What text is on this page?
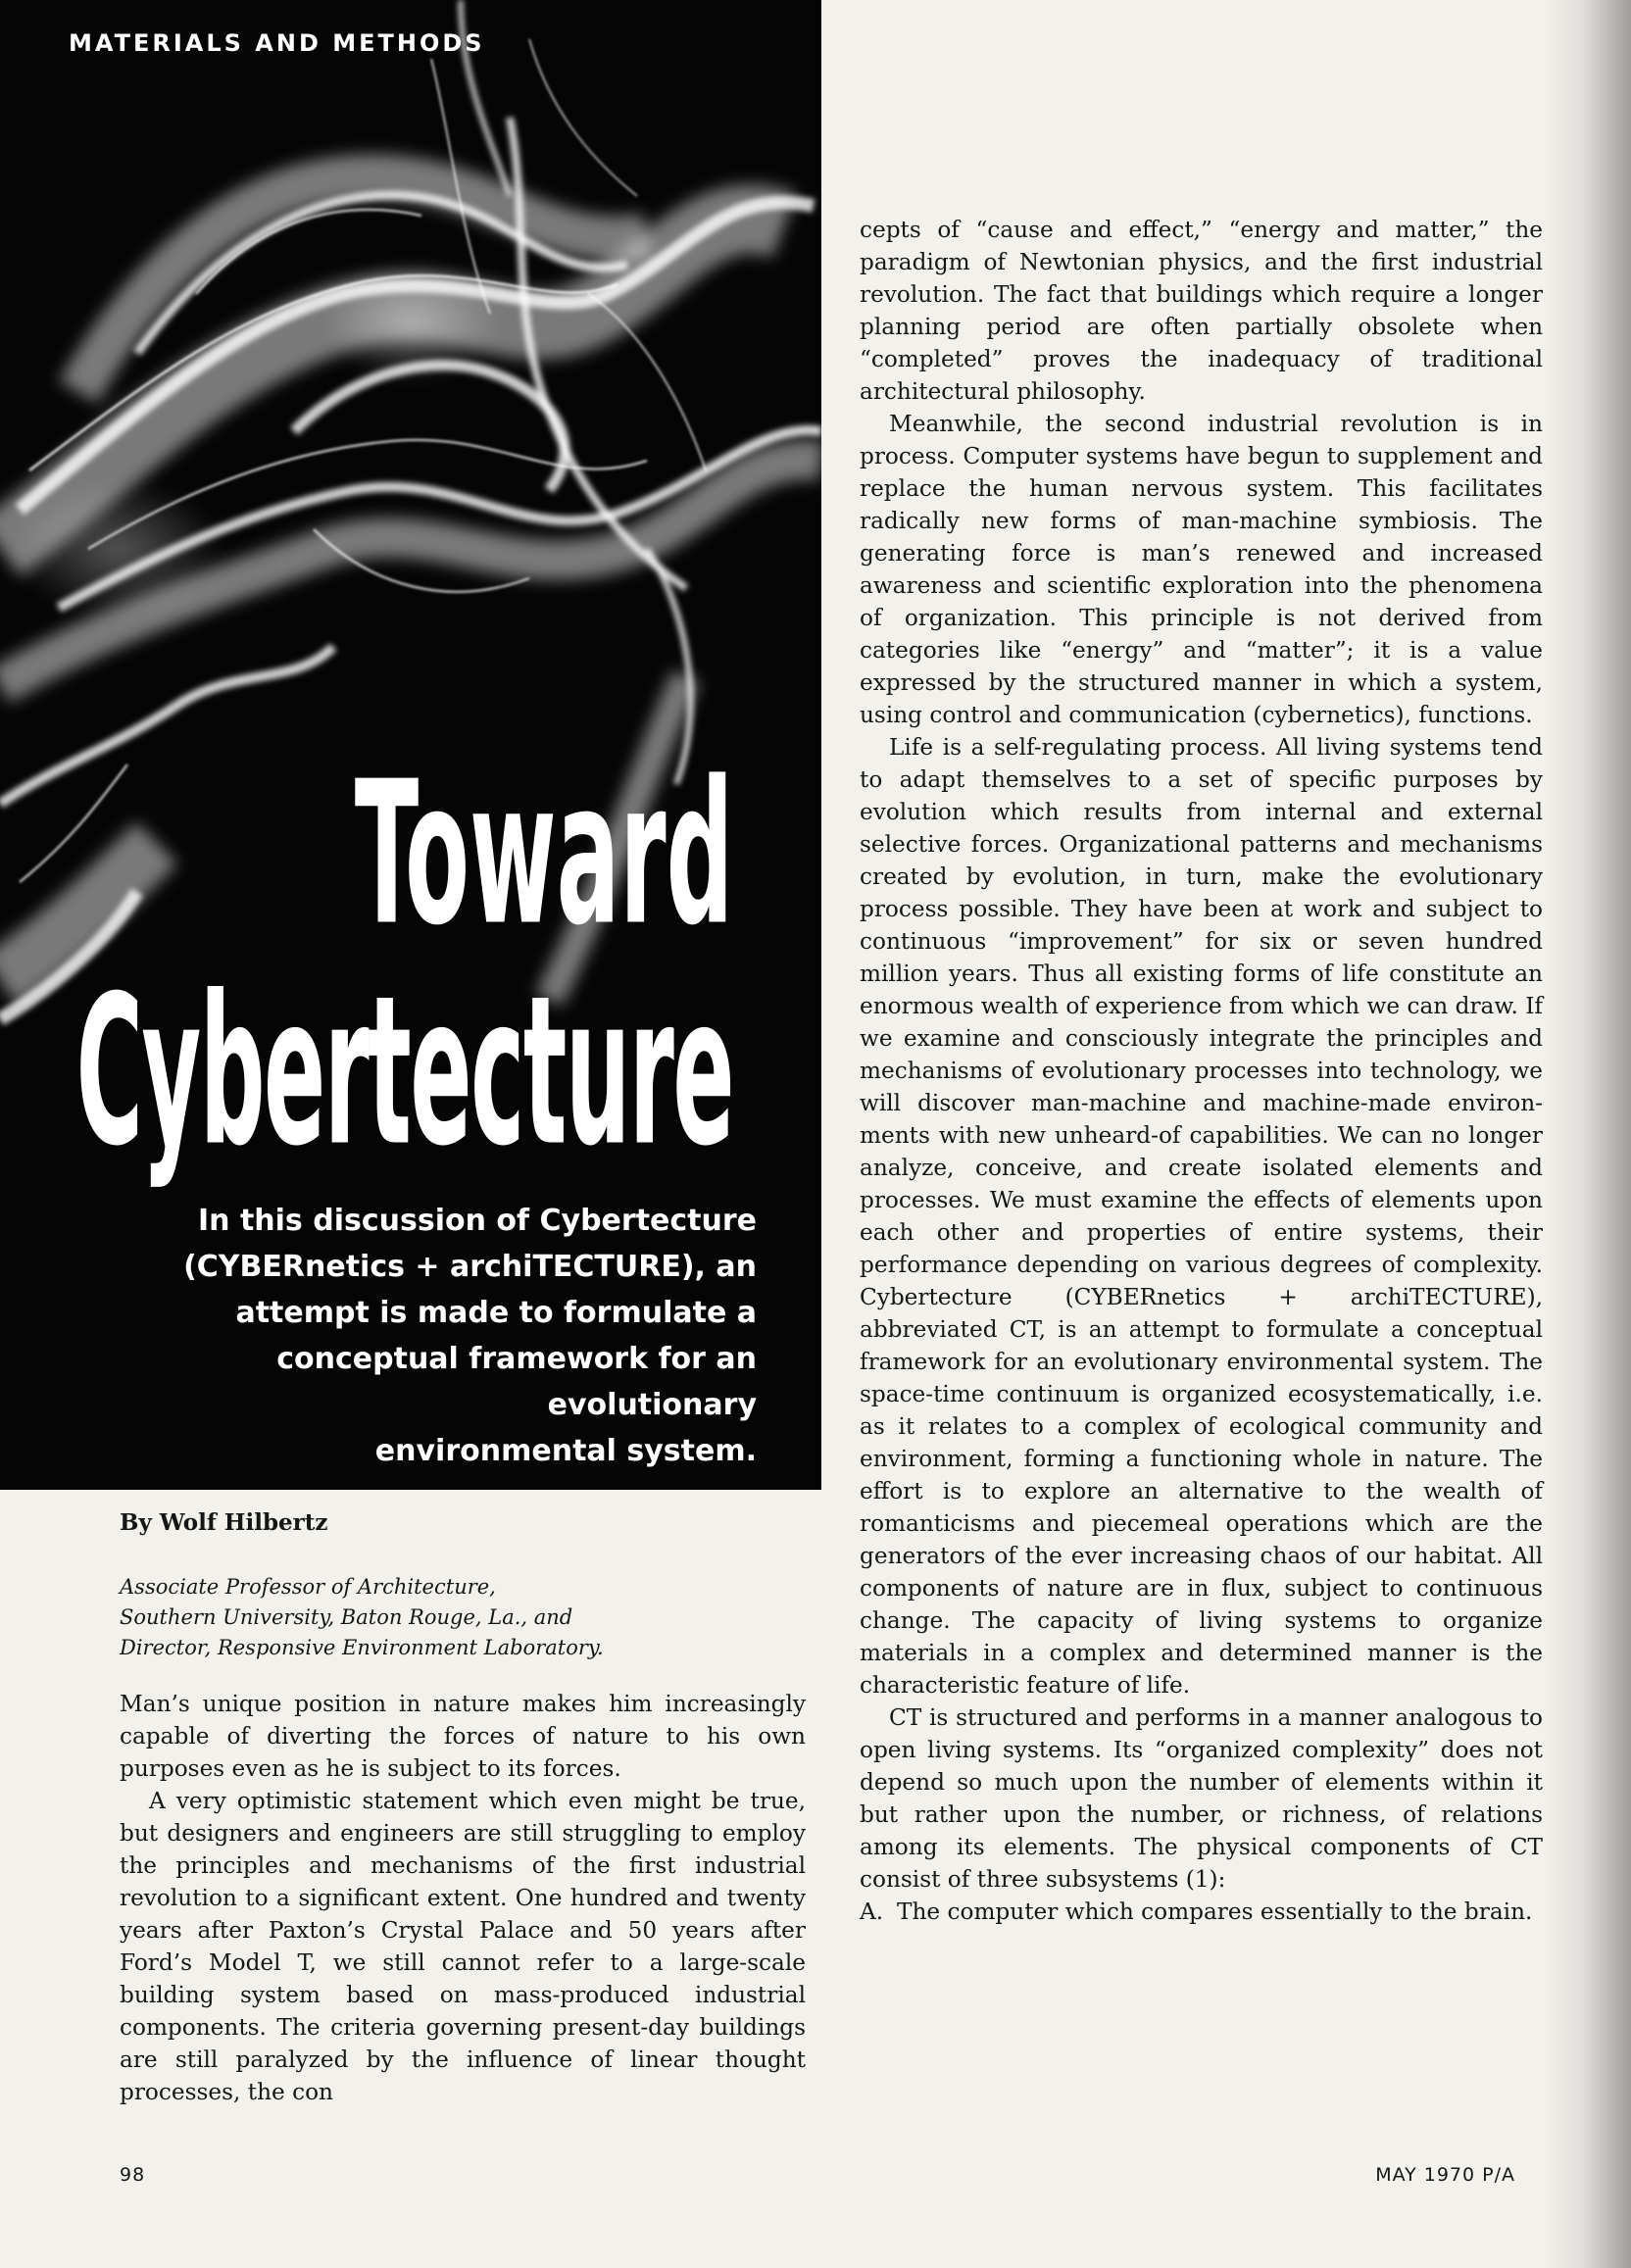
MATERIALS AND METHODS
Toward
Cybertecture

In this discussion of Cybertecture

(CYBERnetics + archiTECTURE), an

attempt is made to formulate a

conceptual framework for an evolutionary

environmental system.

By Wolf Hilbertz

Associate Professor of Architecture,

Southern University, Baton Rouge, La., and

Director, Responsive Environment Laboratory.

Man’s unique position in nature makes him increasingly capable of diverting the forces of nature to his own purposes even as he is subject to its forces.

A very optimistic statement which even might be true, but designers and engineers are still struggling to employ the principles and mechanisms of the first industrial revolution to a significant extent. One hundred and twenty years after Paxton’s Crystal Palace and 50 years after Ford’s Model T, we still cannot refer to a large-scale building system based on mass-produced industrial components. The criteria governing present-day buildings are still paralyzed by the influence of linear thought processes, the con

cepts of “cause and effect,” “energy and matter,” the paradigm of Newtonian physics, and the first industrial revolution. The fact that buildings which require a longer planning period are often partially obsolete when “completed” proves the inadequacy of traditional architectural philosophy.

Meanwhile, the second industrial revolution is in process. Computer systems have begun to supplement and replace the human nervous system. This facilitates radically new forms of man-machine symbiosis. The generating force is man’s renewed and increased awareness and scientific exploration into the phenomena of organization. This principle is not derived from categories like “energy” and “matter”; it is a value expressed by the structured manner in which a system, using control and communication (cybernetics), functions.

Life is a self-regulating process. All living systems tend to adapt themselves to a set of specific purposes by evolution which results from internal and external selective forces. Organizational patterns and mechanisms created by evolution, in turn, make the evolutionary process possible. They have been at work and subject to continuous “improvement” for six or seven hundred million years. Thus all existing forms of life constitute an enormous wealth of experience from which we can draw. If we examine and consciously integrate the principles and mechanisms of evolutionary processes into technology, we will discover man-machine and machine-made environments with new unheard-of capabilities. We can no longer analyze, conceive, and create isolated elements and processes. We must examine the effects of elements upon each other and properties of entire systems, their performance depending on various degrees of complexity. Cybertecture (CYBERnetics + archiTECTURE), abbreviated CT, is an attempt to formulate a conceptual framework for an evolutionary environmental system. The space-time continuum is organized ecosystematically, i.e. as it relates to a complex of ecological community and environment, forming a functioning whole in nature. The effort is to explore an alternative to the wealth of romanticisms and piecemeal operations which are the generators of the ever increasing chaos of our habitat. All components of nature are in flux, subject to continuous change. The capacity of living systems to organize materials in a complex and determined manner is the characteristic feature of life.

CT is structured and performs in a manner analogous to open living systems. Its “organized complexity” does not depend so much upon the number of elements within it but rather upon the number, or richness, of relations among its elements. The physical components of CT consist of three subsystems (1):

A. The computer which compares essentially to the brain.
98	MAY 1970 P/A
